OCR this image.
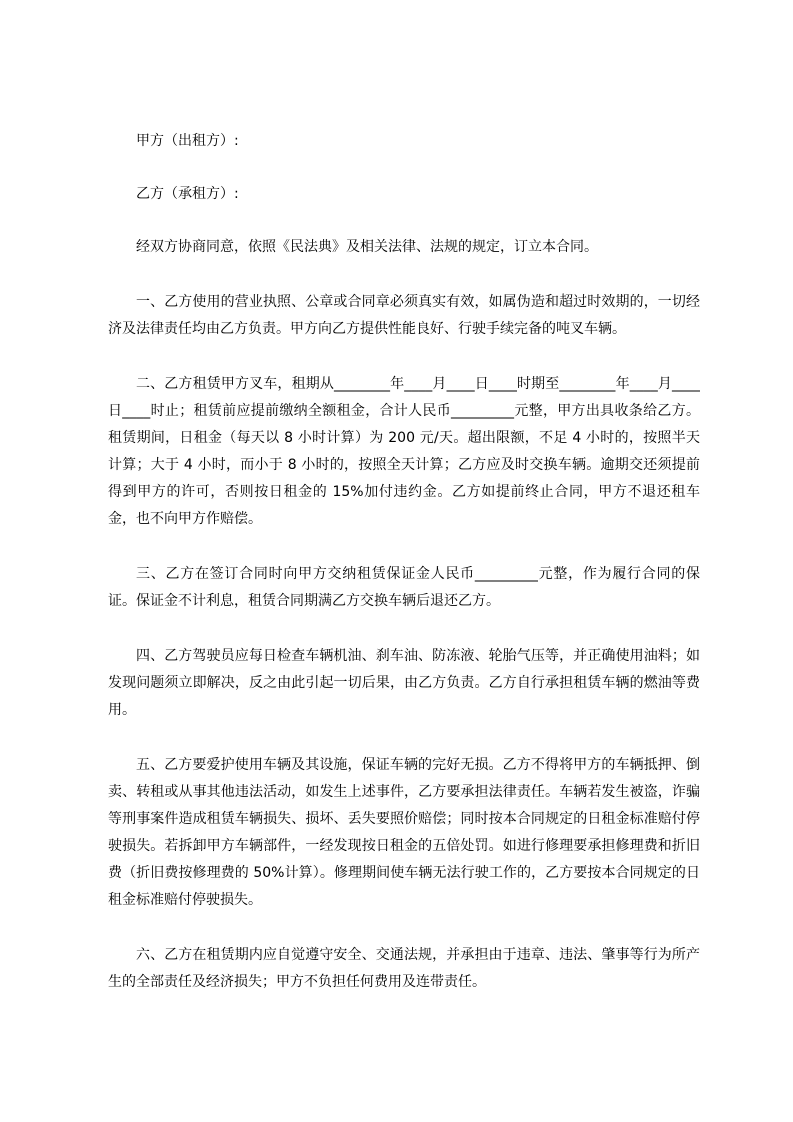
甲方（出租方）:

乙方（承租方）:

经双方协商同意，依照《民法典》及相关法律、法规的规定，订立本合同。

一、乙方使用的营业执照、公章或合同章必须真实有效，如属伪造和超过时效期的，一切经济及法律责任均由乙方负责。甲方向乙方提供性能良好、行驶手续完备的吨叉车辆。

二、乙方租赁甲方叉车，租期从________年____月____日____时期至________年____月____日____时止；租赁前应提前缴纳全额租金，合计人民币_________元整，甲方出具收条给乙方。租赁期间，日租金（每天以 8 小时计算）为 200 元/天。超出限额，不足 4 小时的，按照半天计算；大于 4 小时，而小于 8 小时的，按照全天计算；乙方应及时交换车辆。逾期交还须提前得到甲方的许可，否则按日租金的 15%加付违约金。乙方如提前终止合同，甲方不退还租车金，也不向甲方作赔偿。

三、乙方在签订合同时向甲方交纳租赁保证金人民币_________元整，作为履行合同的保证。保证金不计利息，租赁合同期满乙方交换车辆后退还乙方。

四、乙方驾驶员应每日检查车辆机油、刹车油、防冻液、轮胎气压等，并正确使用油料；如发现问题须立即解决，反之由此引起一切后果，由乙方负责。乙方自行承担租赁车辆的燃油等费用。

五、乙方要爱护使用车辆及其设施，保证车辆的完好无损。乙方不得将甲方的车辆抵押、倒卖、转租或从事其他违法活动，如发生上述事件，乙方要承担法律责任。车辆若发生被盗，诈骗等刑事案件造成租赁车辆损失、损坏、丢失要照价赔偿；同时按本合同规定的日租金标准赔付停驶损失。若拆卸甲方车辆部件，一经发现按日租金的五倍处罚。如进行修理要承担修理费和折旧费（折旧费按修理费的 50%计算）。修理期间使车辆无法行驶工作的，乙方要按本合同规定的日租金标准赔付停驶损失。

六、乙方在租赁期内应自觉遵守安全、交通法规，并承担由于违章、违法、肇事等行为所产生的全部责任及经济损失；甲方不负担任何费用及连带责任。
